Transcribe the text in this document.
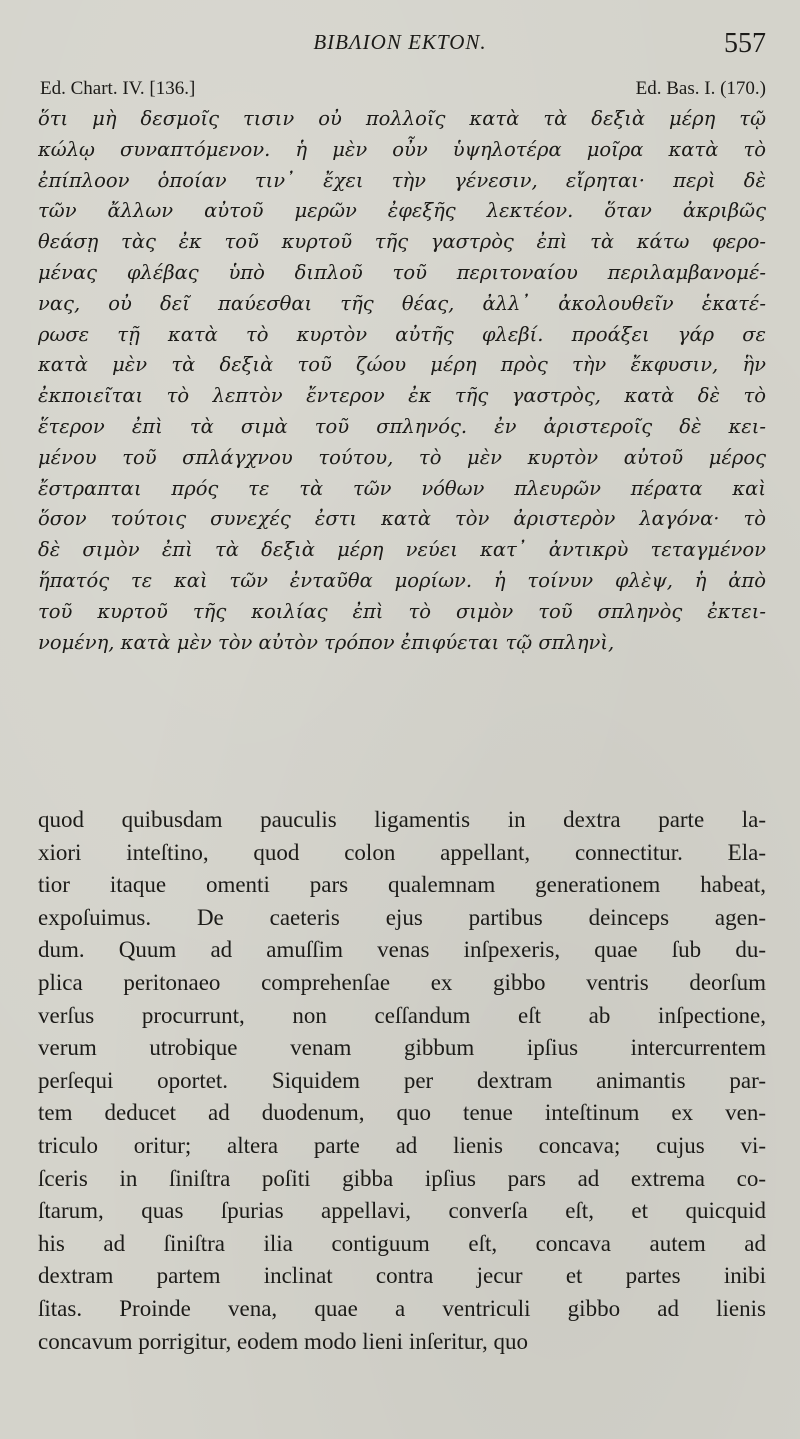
BIBΛION EKTON.	557
Ed. Chart. IV. [136.]	Ed. Bas. I. (170.)
ὅτι μὴ δεσμοῖς τισιν οὐ πολλοῖς κατὰ τὰ δεξιὰ μέρη τῷ
κώλῳ συναπτόμενον. ἡ μὲν οὖν ὑψηλοτέρα μοῖρα κατὰ τὸ
ἐπίπλοον ὁποίαν τιν᾽ ἔχει τὴν γένεσιν, εἴρηται· περὶ δὲ
τῶν ἄλλων αὐτοῦ μερῶν ἐφεξῆς λεκτέον. ὅταν ἀκριβῶς
θεάσῃ τὰς ἐκ τοῦ κυρτοῦ τῆς γαστρὸς ἐπὶ τὰ κάτω φερο-
μένας φλέβας ὑπὸ διπλοῦ τοῦ περιτοναίου περιλαμβανομέ-
νας, οὐ δεῖ παύεσθαι τῆς θέας, ἀλλ᾽ ἀκολουθεῖν ἑκατέ-
ρωσε τῇ κατὰ τὸ κυρτὸν αὐτῆς φλεβί. προάξει γάρ σε
κατὰ μὲν τὰ δεξιὰ τοῦ ζώου μέρη πρὸς τὴν ἔκφυσιν, ἣν
ἐκποιεῖται τὸ λεπτὸν ἔντερον ἐκ τῆς γαστρὸς, κατὰ δὲ τὸ
ἕτερον ἐπὶ τὰ σιμὰ τοῦ σπληνός. ἐν ἀριστεροῖς δὲ κει-
μένου τοῦ σπλάγχνου τούτου, τὸ μὲν κυρτὸν αὐτοῦ μέρος
ἔστραπται πρός τε τὰ τῶν νόθων πλευρῶν πέρατα καὶ
ὅσον τούτοις συνεχές ἐστι κατὰ τὸν ἀριστερὸν λαγόνα· τὸ
δὲ σιμὸν ἐπὶ τὰ δεξιὰ μέρη νεύει κατ᾽ ἀντικρὺ τεταγμένον
ἥπατός τε καὶ τῶν ἐνταῦθα μορίων. ἡ τοίνυν φλὲψ, ἡ ἀπὸ
τοῦ κυρτοῦ τῆς κοιλίας ἐπὶ τὸ σιμὸν τοῦ σπληνὸς ἐκτει-
νομένη, κατὰ μὲν τὸν αὐτὸν τρόπον ἐπιφύεται τῷ σπληνὶ,
quod quibusdam pauculis ligamentis in dextra parte la-
xiori inteſtino, quod colon appellant, connectitur. Ela-
tior itaque omenti pars qualemnam generationem habeat,
expoſuimus. De caeteris ejus partibus deinceps agen-
dum. Quum ad amuſſim venas inſpexeris, quae ſub du-
plica peritonaeo comprehenſae ex gibbo ventris deorſum
verſus procurrunt, non ceſſandum eſt ab inſpectione,
verum utrobique venam gibbum ipſius intercurrentem
perſequi oportet. Siquidem per dextram animantis par-
tem deducet ad duodenum, quo tenue inteſtinum ex ven-
triculo oritur; altera parte ad lienis concava; cujus vi-
ſceris in ſiniſtra poſiti gibba ipſius pars ad extrema co-
ſtarum, quas ſpurias appellavi, converſa eſt, et quicquid
his ad ſiniſtra ilia contiguum eſt, concava autem ad
dextram partem inclinat contra jecur et partes inibi
ſitas. Proinde vena, quae a ventriculi gibbo ad lienis
concavum porrigitur, eodem modo lieni inſeritur, quo
